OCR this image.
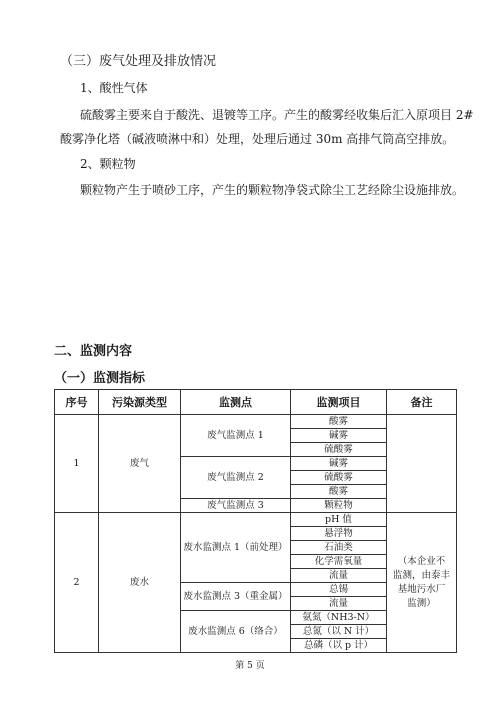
（三）废气处理及排放情况
1、酸性气体
硫酸雾主要来自于酸洗、退镀等工序。产生的酸雾经收集后汇入原项目 2#
酸雾净化塔（碱液喷淋中和）处理，处理后通过 30m 高排气筒高空排放。
2、颗粒物
颗粒物产生于喷砂工序，产生的颗粒物净袋式除尘工艺经除尘设施排放。
二、监测内容
（一）监测指标
序号	污染源类型	监测点	监测项目	备注
1	废气	废气监测点 1	酸雾	
			碱雾	
			硫酸雾	
		废气监测点 2	碱雾	
			硫酸雾	
			酸雾	
		废气监测点 3	颗粒物	
2	废水	废水监测点 1（前处理）	pH 值	（本企业不
监测，由泰丰
基地污水厂
监测）

			悬浮物	
			石油类	
			化学需氧量	
			流量	
		废水监测点 3（重金属）	总锡	
			流量	
		废水监测点 6（络合）	氨氮（NH3-N）	
			总氮（以 N 计）	
			总磷（以 p 计）	
第 5 页
